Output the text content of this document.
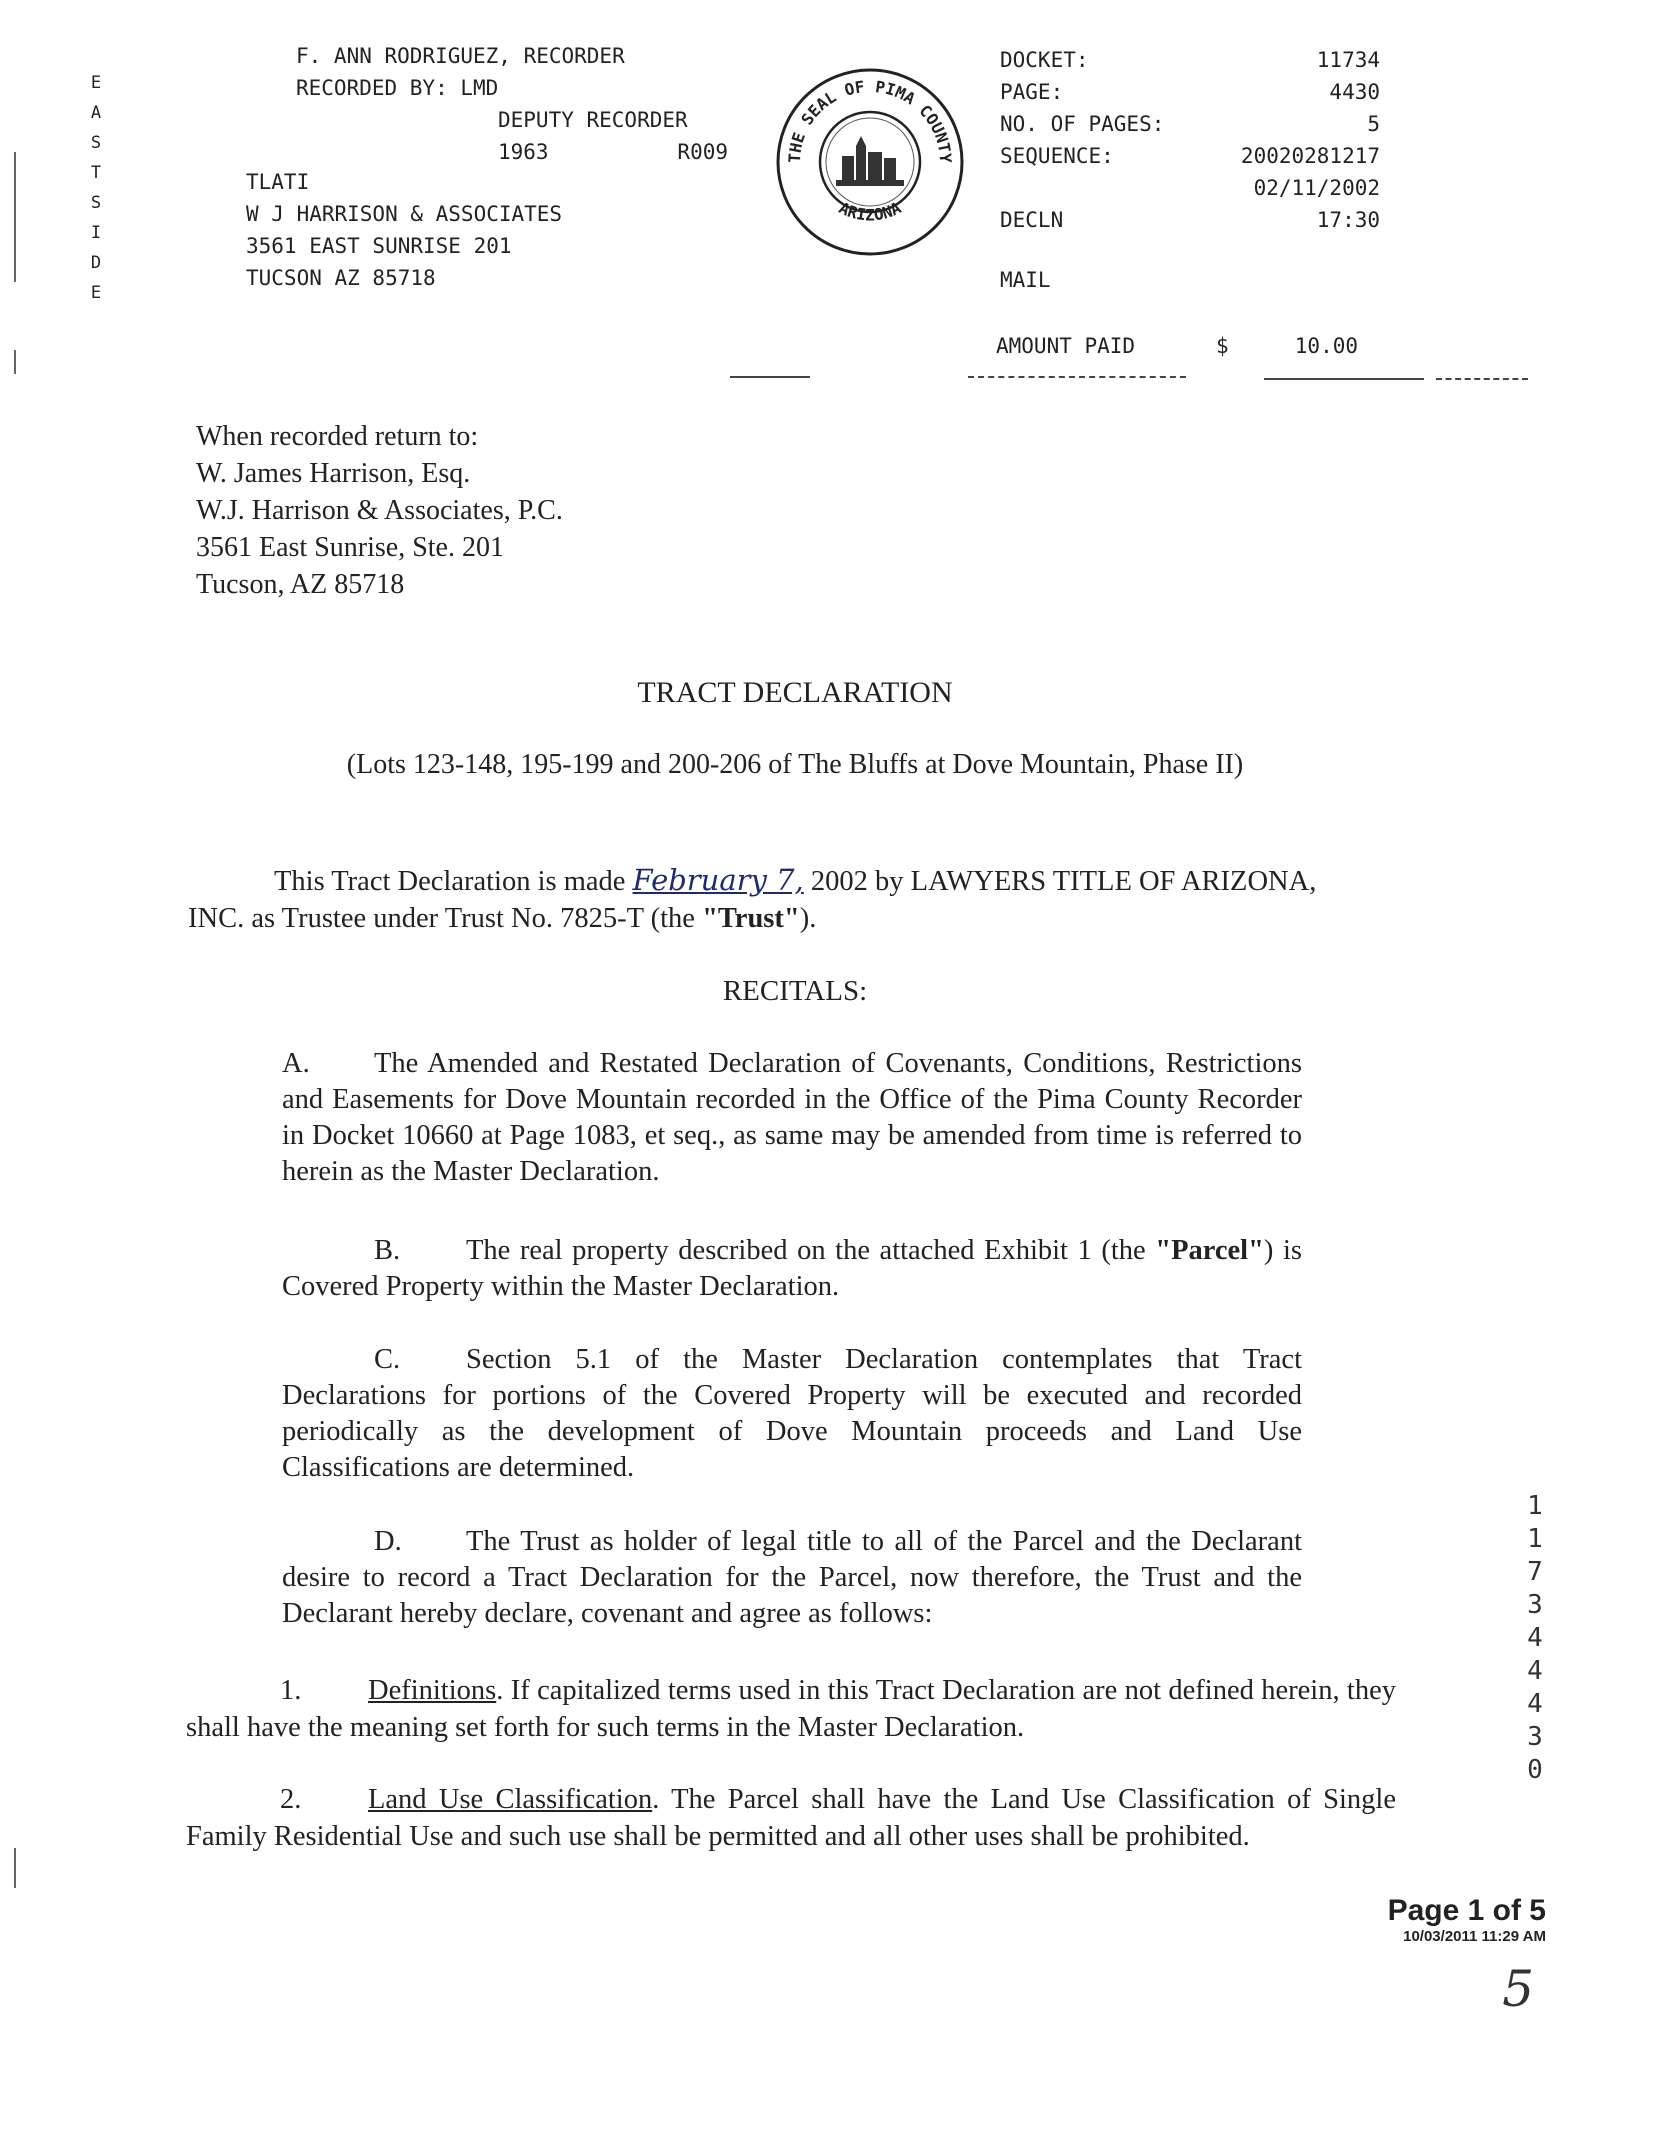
E
A
S
T
S
I
D
E
F. ANN RODRIGUEZ, RECORDER
RECORDED BY: LMD
DEPUTY RECORDER
1963	R009
TLATI
W J HARRISON & ASSOCIATES
3561 EAST SUNRISE 201
TUCSON AZ 85718
THE SEAL OF PIMA COUNTY
ARIZONA
DOCKET:	11734
PAGE:	4430
NO. OF PAGES:	5
SEQUENCE:	20020281217
02/11/2002
DECLN	17:30
MAIL
AMOUNT PAID	$	10.00
When recorded return to:
W. James Harrison, Esq.
W.J. Harrison & Associates, P.C.
3561 East Sunrise, Ste. 201
Tucson, AZ 85718
TRACT DECLARATION
(Lots 123-148, 195-199 and 200-206 of The Bluffs at Dove Mountain, Phase II)
This Tract Declaration is made February 7, 2002 by LAWYERS TITLE OF ARIZONA,
INC. as Trustee under Trust No. 7825-T (the "Trust").
RECITALS:
A. The Amended and Restated Declaration of Covenants, Conditions, Restrictions and Easements for Dove Mountain recorded in the Office of the Pima County Recorder in Docket 10660 at Page 1083, et seq., as same may be amended from time is referred to herein as the Master Declaration.
B. The real property described on the attached Exhibit 1 (the "Parcel") is Covered Property within the Master Declaration.
C. Section 5.1 of the Master Declaration contemplates that Tract Declarations for portions of the Covered Property will be executed and recorded periodically as the development of Dove Mountain proceeds and Land Use Classifications are determined.
D. The Trust as holder of legal title to all of the Parcel and the Declarant desire to record a Tract Declaration for the Parcel, now therefore, the Trust and the Declarant hereby declare, covenant and agree as follows:
1. Definitions. If capitalized terms used in this Tract Declaration are not defined herein, they shall have the meaning set forth for such terms in the Master Declaration.
2. Land Use Classification. The Parcel shall have the Land Use Classification of Single Family Residential Use and such use shall be permitted and all other uses shall be prohibited.
1
1
7
3
4
4
4
3
0
Page 1 of 5
10/03/2011 11:29 AM
5
